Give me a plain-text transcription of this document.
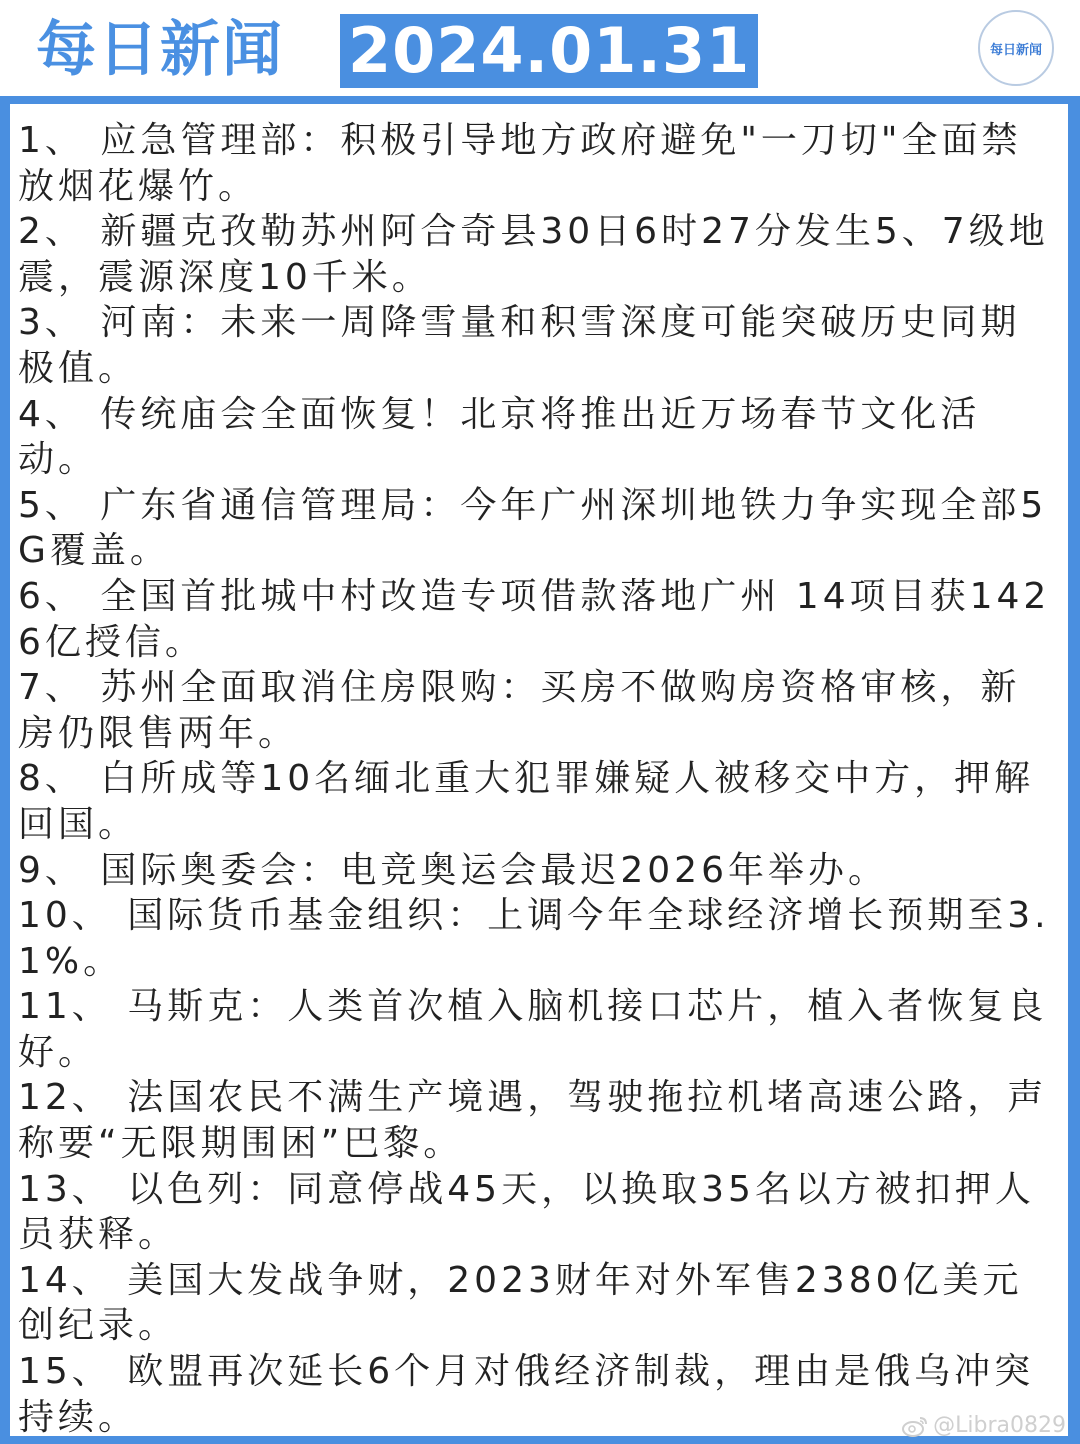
每日新闻 2024.01.31	每日新闻
1、 应急管理部：积极引导地方政府避免"一刀切"全面禁放烟花爆竹。
2、 新疆克孜勒苏州阿合奇县30日6时27分发生5、7级地震，震源深度10千米。
3、 河南：未来一周降雪量和积雪深度可能突破历史同期极值。
4、 传统庙会全面恢复！北京将推出近万场春节文化活动。
5、 广东省通信管理局：今年广州深圳地铁力争实现全部5G覆盖。
6、 全国首批城中村改造专项借款落地广州 14项目获1426亿授信。
7、 苏州全面取消住房限购：买房不做购房资格审核，新房仍限售两年。
8、 白所成等10名缅北重大犯罪嫌疑人被移交中方，押解回国。
9、 国际奥委会：电竞奥运会最迟2026年举办。
10、 国际货币基金组织：上调今年全球经济增长预期至3.1%。
11、 马斯克：人类首次植入脑机接口芯片，植入者恢复良好。
12、 法国农民不满生产境遇，驾驶拖拉机堵高速公路，声称要“无限期围困”巴黎。
13、 以色列：同意停战45天，以换取35名以方被扣押人员获释。
14、 美国大发战争财，2023财年对外军售2380亿美元创纪录。
15、 欧盟再次延长6个月对俄经济制裁，理由是俄乌冲突持续。	@Libra0829
